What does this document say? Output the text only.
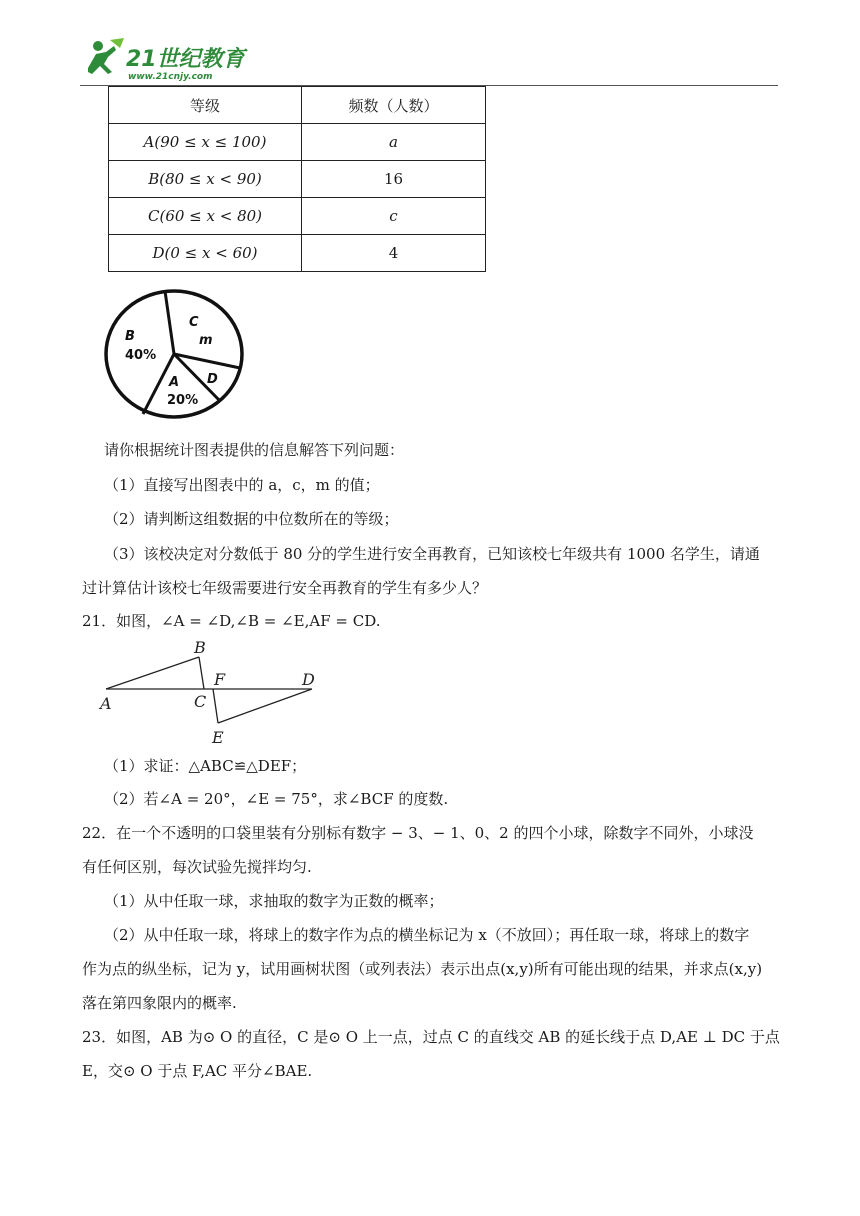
21世纪教育
www.21cnjy.com
等级	频数（人数）
A(90 ≤ x ≤ 100)	a
B(80 ≤ x < 90)	16
C(60 ≤ x < 80)	c
D(0 ≤ x < 60)	4
B
40%
C
m
D
A
20%
请你根据统计图表提供的信息解答下列问题：
（1）直接写出图表中的 a，c，m 的值；
（2）请判断这组数据的中位数所在的等级；
（3）该校决定对分数低于 80 分的学生进行安全再教育，已知该校七年级共有 1000 名学生，请通
过计算估计该校七年级需要进行安全再教育的学生有多少人？
21．如图，∠A = ∠D,∠B = ∠E,AF = CD.
A
B
C
D
E
F
（1）求证：△ABC≌△DEF；
（2）若∠A = 20°，∠E = 75°，求∠BCF 的度数.
22．在一个不透明的口袋里装有分别标有数字 − 3、− 1、0、2 的四个小球，除数字不同外，小球没
有任何区别，每次试验先搅拌均匀.
（1）从中任取一球，求抽取的数字为正数的概率；
（2）从中任取一球，将球上的数字作为点的横坐标记为 x（不放回）；再任取一球，将球上的数字
作为点的纵坐标，记为 y，试用画树状图（或列表法）表示出点(x,y)所有可能出现的结果，并求点(x,y)
落在第四象限内的概率.
23．如图，AB 为⊙ O 的直径，C 是⊙ O 上一点，过点 C 的直线交 AB 的延长线于点 D,AE ⊥ DC 于点
E，交⊙ O 于点 F,AC 平分∠BAE.
